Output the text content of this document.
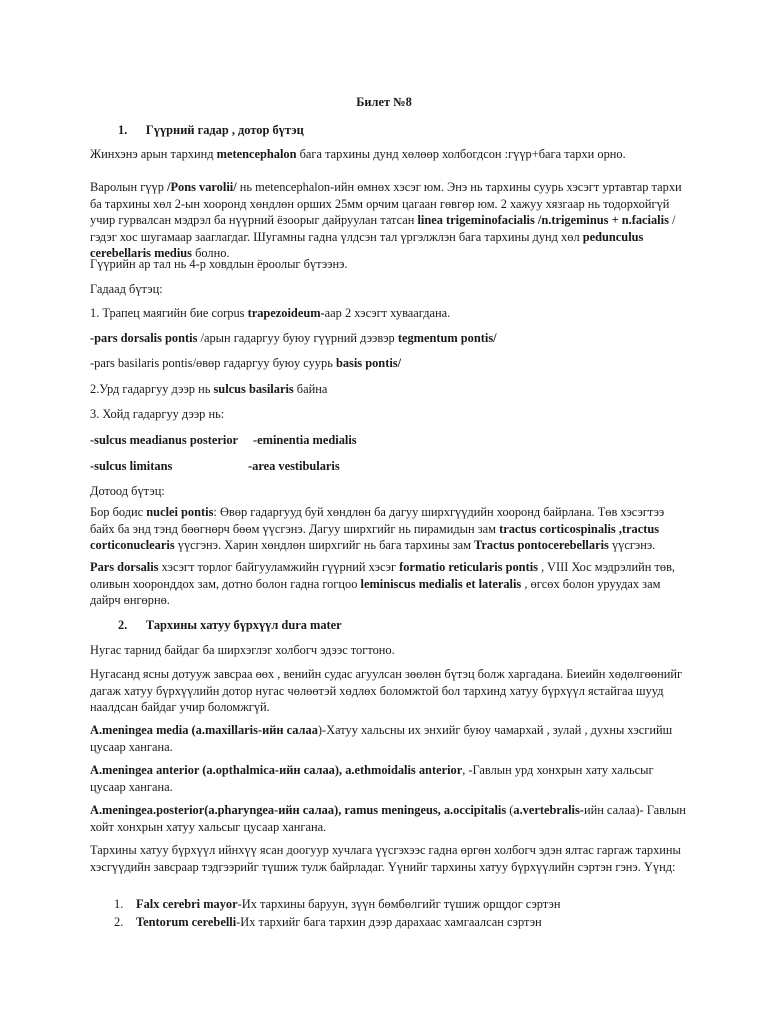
Билет №8

1. Гүүрний гадар , дотор бүтэц

Жинхэнэ арын тархинд metencephalon бага тархины дунд хөлөөр холбогдсон :гүүр+бага тархи орно.

Варолын гүүр /Pons varolii/ нь metencephalon-ийн өмнөх хэсэг юм. Энэ нь тархины суурь хэсэгт уртавтар тархи ба тархины хөл 2-ын хооронд хөндлөн орших 25мм орчим цагаан гөвгөр юм. 2 хажуу хязгаар нь тодорхойгүй учир гурвалсан мэдрэл ба нүүрний ёзоорыг дайруулан татсан linea trigeminofacialis /n.trigeminus + n.facialis /гэдэг хос шугамаар зааглагдаг. Шугамны гадна үлдсэн тал үргэлжлэн бага тархины дунд хөл pedunculus cerebellaris medius болно.

Гүүрийн ар тал нь 4-р ховдлын ёроолыг бүтээнэ.

Гадаад бүтэц:

1. Трапец маягийн бие corpus trapezoideum-аар 2 хэсэгт хуваагдана.

-pars dorsalis pontis /арын гадаргуу буюу гүүрний дээвэр tegmentum pontis/

-pars basilaris pontis/өвөр гадаргуу буюу суурь basis pontis/

2.Урд гадаргуу дээр нь sulcus basilaris байна

3. Хойд гадаргуу дээр нь:

-sulcus meadianus posterior -eminentia medialis

-sulcus limitans	-area vestibularis

Дотоод бүтэц:

Бор бодис nuclei pontis: Өвөр гадаргууд буй хөндлөн ба дагуу ширхгүүдийн хооронд байрлана. Төв хэсэгтээ байх ба энд тэнд бөөгнөрч бөөм үүсгэнэ. Дагуу ширхгийг нь пирамидын зам tractus corticospinalis ,tractus corticonuclearis үүсгэнэ. Харин хөндлөн ширхгийг нь бага тархины зам Tractus pontocerebellaris үүсгэнэ.

Pars dorsalis хэсэгт торлог байгууламжийн гүүрний хэсэг formatio reticularis pontis , VIII Хос мэдрэлийн төв, оливын хооронддох зам, дотно болон гадна гогцоо leminiscus medialis et lateralis , өгсөх болон уруудах зам дайрч өнгөрнө.

2. Тархины хатуу бүрхүүл dura mater

Нугас тарнид байдаг ба ширхэглэг холбогч эдээс тогтоно.

Нугасанд ясны дотууж завсраа өөх , венийн судас агуулсан зөөлөн бүтэц болж харгадана. Биеийн хөдөлгөөнийг дагаж хатуу бүрхүүлийн дотор нугас чөлөөтэй хөдлөх боломжтой бол тархинд хатуу бүрхүүл ястайгаа шууд наалдсан байдаг учир боломжгүй.

A.meningea media (a.maxillaris-ийн салаа)-Хатуу хальсны их энхийг буюу чамархай , зулай , духны хэсгийш цусаар хангана.

A.meningea anterior (a.opthalmica-ийн салаа), a.ethmoidalis anterior, -Гавлын урд хонхрын хату хальсыг цусаар хангана.

A.meningea.posterior(a.pharyngea-ийн салаа), ramus meningeus, a.occipitalis (a.vertebralis-ийн салаа)- Гавлын хойт хонхрын хатуу хальсыг цусаар хангана.

Тархины хатуу бүрхүүл ийнхүү ясан доогуур хучлага үүсгэхээс гадна өргөн холбогч эдэн ялтас гаргаж тархины хэсгүүдийн завсраар тэдгээрийг түшиж тулж байрладаг. Үүнийг тархины хатуу бүрхүүлийн сэртэн гэнэ. Үүнд:

1. Falx cerebri mayor-Их тархины баруун, зүүн бөмбөлгийг түшиж орщдог сэртэн

2. Tentorum cerebelli-Их тархийг бага тархин дээр дарахаас хамгаалсан сэртэн
